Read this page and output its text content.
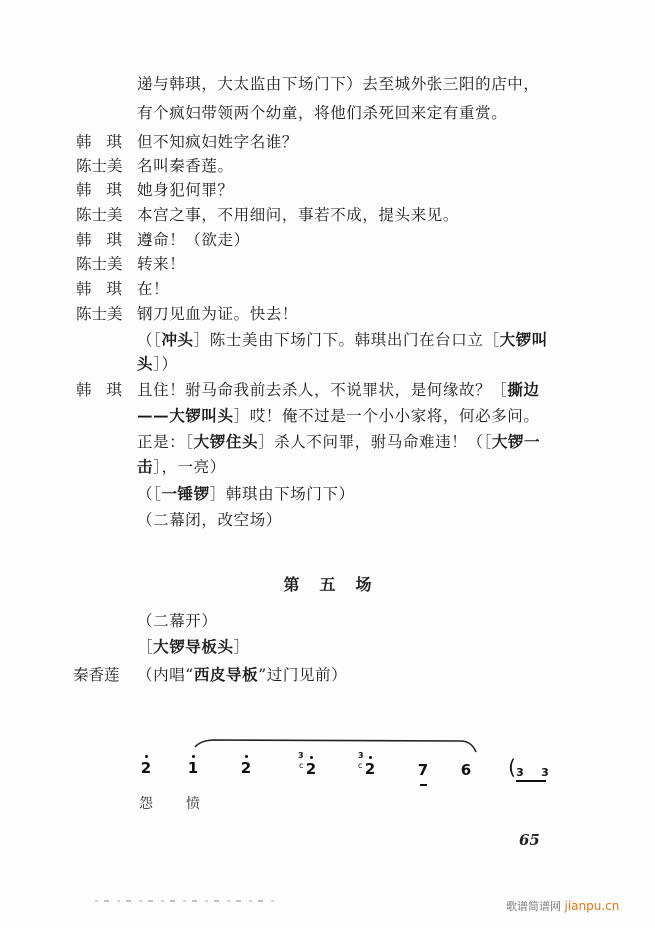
递与韩琪，大太监由下场门下）去至城外张三阳的店中，
有个疯妇带领两个幼童，将他们杀死回来定有重赏。
韩琪 但不知疯妇姓字名谁？
陈士美 名叫秦香莲。
韩琪 她身犯何罪？
陈士美 本宫之事，不用细问，事若不成，提头来见。
韩琪 遵命！（欲走）
陈士美 转来！
韩琪 在！
陈士美 钢刀见血为证。快去！
（［冲头］陈士美由下场门下。韩琪出门在台口立［大锣叫
头］）
韩琪 且住！驸马命我前去杀人，不说罪状，是何缘故？［撕边
——大锣叫头］哎！俺不过是一个小小家将，何必多问。
正是：［大锣住头］杀人不问罪，驸马命难违！（［大锣一
击］，一亮）
（［一锤锣］韩琪由下场门下）
（二幕闭，改空场）
第五场
（二幕开）
［大锣导板头］
秦香莲 （内唱“西皮导板”过门见前）
2 1	2
3
c 2
3
c 2	7 6 ( 3 3
怨 愤
65
歌谱简谱网 jianpu.cn
